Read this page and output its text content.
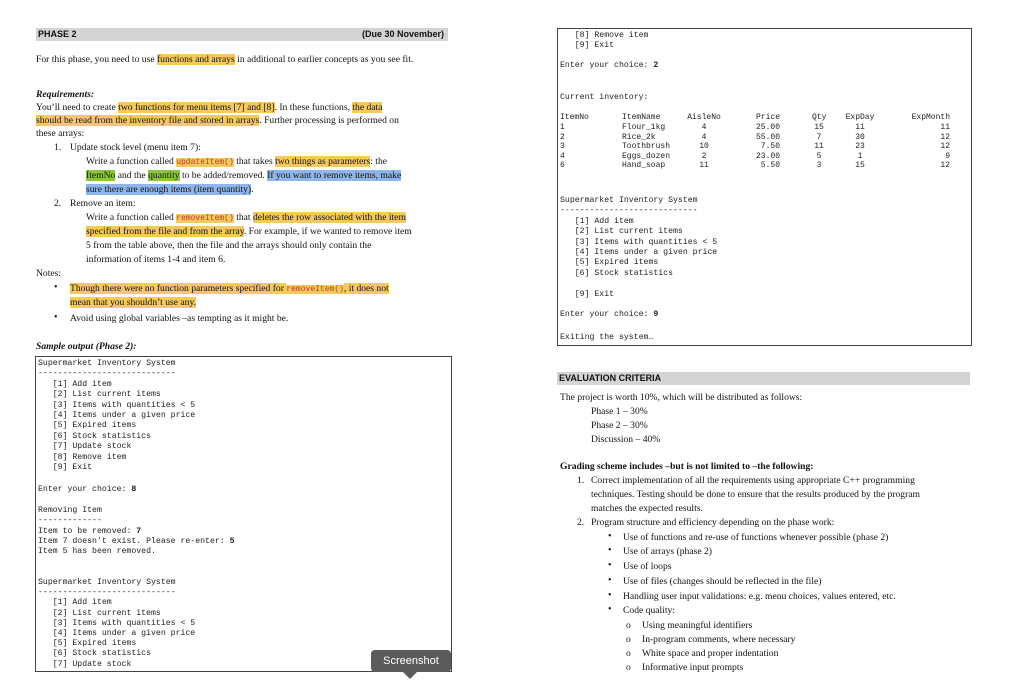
PHASE 2	(Due 30 November)
For this phase, you need to use functions and arrays in additional to earlier concepts as you see fit.
Requirements:
You’ll need to create two functions for menu items [7] and [8]. In these functions, the data
should be read from the inventory file and stored in arrays. Further processing is performed on
these arrays:
1. Update stock level (menu item 7):
Write a function called updateItem() that takes two things as parameters: the
ItemNo and the quantity to be added/removed. If you want to remove items, make
sure there are enough items (item quantity).
2. Remove an item:
Write a function called removeItem() that deletes the row associated with the item
specified from the file and from the array. For example, if we wanted to remove item
5 from the table above, then the file and the arrays should only contain the
information of items 1-4 and item 6.
Notes:
• Though there were no function parameters specified for removeItem(), it does not
mean that you shouldn’t use any.
• Avoid using global variables –as tempting as it might be.
Sample output (Phase 2):
Supermarket Inventory System
----------------------------
[1] Add item
[2] List current items
[3] Items with quantities < 5
[4] Items under a given price
[5] Expired items
[6] Stock statistics
[7] Update stock
[8] Remove item
[9] Exit
Enter your choice: 8
Removing Item
-------------
Item to be removed: 7
Item 7 doesn’t exist. Please re-enter: 5
Item 5 has been removed.
Supermarket Inventory System
----------------------------
[1] Add item
[2] List current items
[3] Items with quantities < 5
[4] Items under a given price
[5] Expired items
[6] Stock statistics
[7] Update stock
[8] Remove item
[9] Exit
Enter your choice: 2
Current inventory:
ItemNo	ItemName	AisleNo	Price	Qty	ExpDay	ExpMonth
1	Flour_1kg	4	25.00	15	11	11
2	Rice_2k	4	55.00	7	30	12
3	Toothbrush	10	7.50	11	23	12
4	Eggs_dozen	2	23.00	5	1	9
6	Hand_soap	11	5.50	3	15	12
Supermarket Inventory System
----------------------------
[1] Add item
[2] List current items
[3] Items with quantities < 5
[4] Items under a given price
[5] Expired items
[6] Stock statistics
[9] Exit
Enter your choice: 9
Exiting the system…
EVALUATION CRITERIA
The project is worth 10%, which will be distributed as follows:
Phase 1 – 30%
Phase 2 – 30%
Discussion – 40%
Grading scheme includes –but is not limited to –the following:
1. Correct implementation of all the requirements using appropriate C++ programming
techniques. Testing should be done to ensure that the results produced by the program
matches the expected results.
2. Program structure and efficiency depending on the phase work:
• Use of functions and re-use of functions whenever possible (phase 2)
• Use of arrays (phase 2)
• Use of loops
• Use of files (changes should be reflected in the file)
• Handling user input validations: e.g. menu choices, values entered, etc.
• Code quality:
o Using meaningful identifiers
o In-program comments, where necessary
o White space and proper indentation
o Informative input prompts
Screenshot
